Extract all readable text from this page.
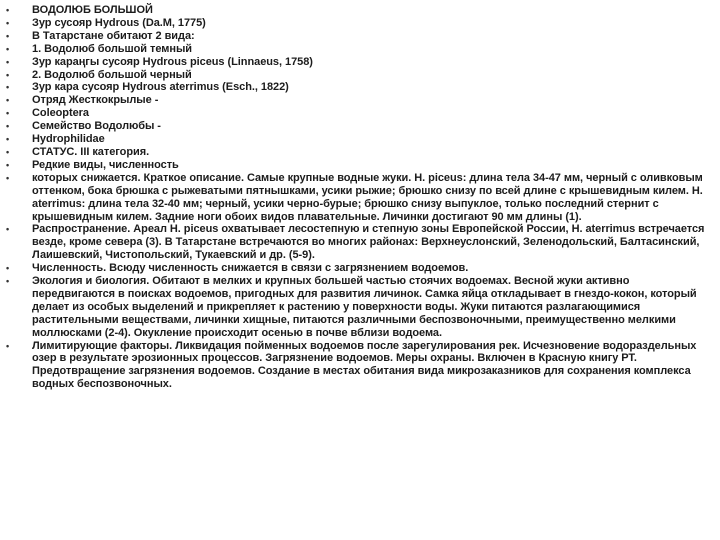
•	ВОДОЛЮБ БОЛЬШОЙ
•	Зур сусояр Hydrous (Da.M, 1775)
•	В Татарстане обитают 2 вида:
•	1. Водолюб большой темный
•	Зур караңгы сусояр Hydrous piceus (Linnaeus, 1758)
•	2. Водолюб большой черный
•	Зур кара сусояр Hydrous aterrimus (Esch., 1822)
•	Отряд Жесткокрылые -
•	Coleoptera
•	Семейство Водолюбы -
•	Hydrophilidae
•	СТАТУС. III категория.
•	Редкие виды, численность
•	которых снижается. Краткое описание. Самые крупные водные жуки. H. piceus: длина тела 34-47 мм, черный с оливковым оттенком, бока брюшка с рыжеватыми пятнышками, усики рыжие; брюшко снизу по всей длине с крышевидным килем. H. aterrimus: длина тела 32-40 мм; черный, усики черно-бурые; брюшко снизу выпуклое, только последний стернит с крышевидным килем. Задние ноги обоих видов плавательные. Личинки достигают 90 мм длины (1).
•	Распространение. Ареал H. piceus охватывает лесостепную и степную зоны Европейской России, H. aterrimus встречается везде, кроме севера (3). В Татарстане встречаются во многих районах: Верхнеуслонский, Зеленодольский, Балтасинский, Лаишевский, Чистопольский, Тукаевский и др. (5-9).
•	Численность. Всюду численность снижается в связи с загрязнением водоемов.
•	Экология и биология. Обитают в мелких и крупных большей частью стоячих водоемах. Весной жуки активно передвигаются в поисках водоемов, пригодных для развития личинок. Самка яйца откладывает в гнездо-кокон, который делает из особых выделений и прикрепляет к растению у поверхности воды. Жуки питаются разлагающимися растительными веществами, личинки хищные, питаются различными беспозвоночными, преимущественно мелкими моллюсками (2-4). Окукление происходит осенью в почве вблизи водоема.
•	Лимитирующие факторы. Ликвидация пойменных водоемов после зарегулирования рек. Исчезновение водораздельных озер в результате эрозионных процессов. Загрязнение водоемов. Меры охраны. Включен в Красную книгу РТ. Предотвращение загрязнения водоемов. Создание в местах обитания вида микрозаказников для сохранения комплекса водных беспозвоночных.
